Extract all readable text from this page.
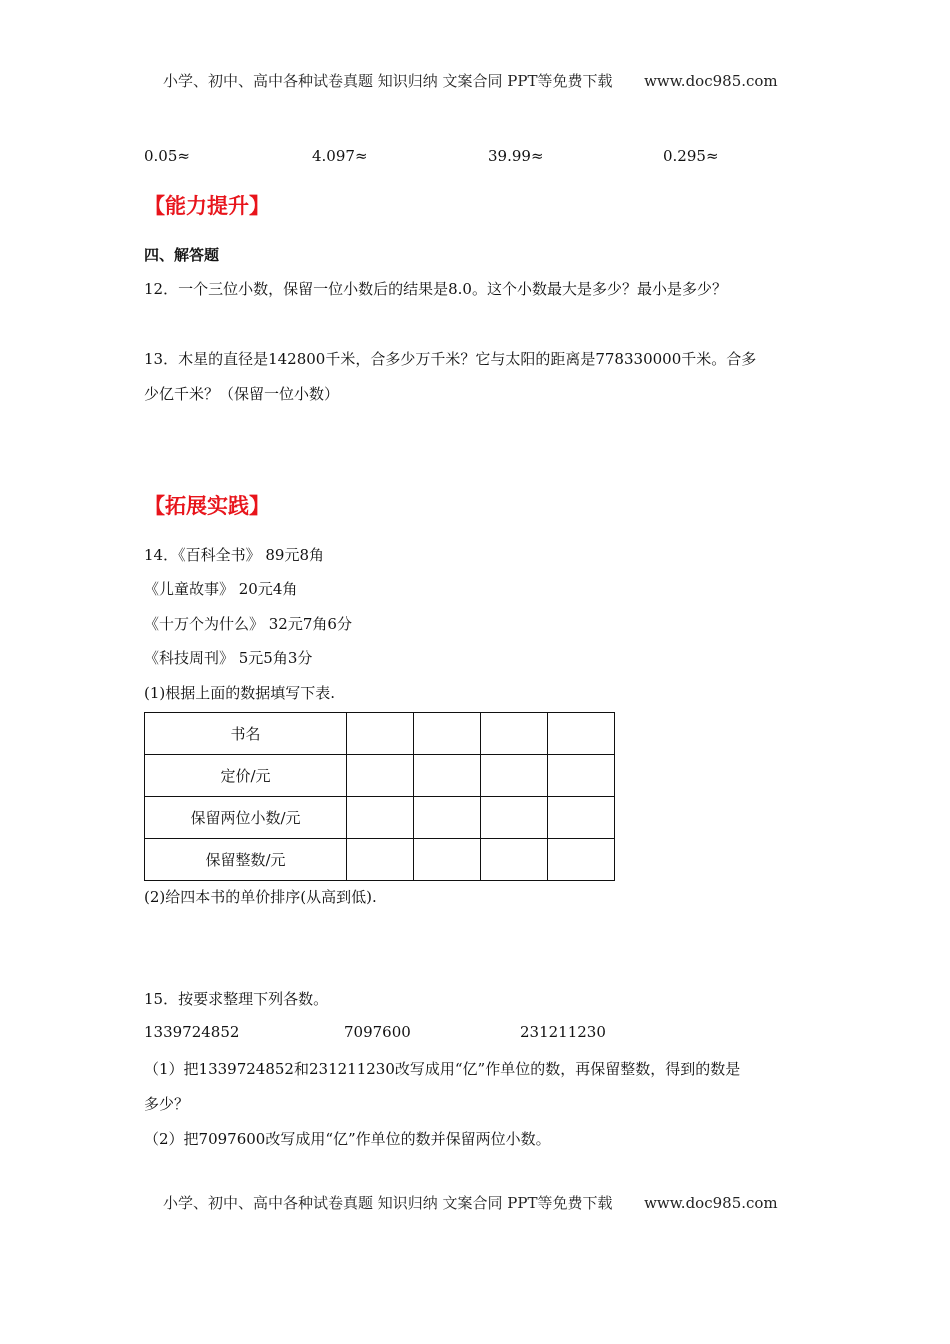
小学、初中、高中各种试卷真题 知识归纳 文案合同 PPT等免费下载 www.doc985.com
0.05≈	4.097≈	39.99≈	0.295≈
【能力提升】
四、解答题
12．一个三位小数，保留一位小数后的结果是8.0。这个小数最大是多少？最小是多少？
13．木星的直径是142800千米，合多少万千米？它与太阳的距离是778330000千米。合多
少亿千米？（保留一位小数）
【拓展实践】
14．《百科全书》 89元8角
《儿童故事》 20元4角
《十万个为什么》 32元7角6分
《科技周刊》 5元5角3分
(1)根据上面的数据填写下表.
书名				
定价/元				
保留两位小数/元				
保留整数/元				
(2)给四本书的单价排序(从高到低).
15．按要求整理下列各数。
1339724852	7097600	231211230
（1）把1339724852和231211230改写成用“亿”作单位的数，再保留整数，得到的数是
多少？
（2）把7097600改写成用“亿”作单位的数并保留两位小数。
小学、初中、高中各种试卷真题 知识归纳 文案合同 PPT等免费下载 www.doc985.com
